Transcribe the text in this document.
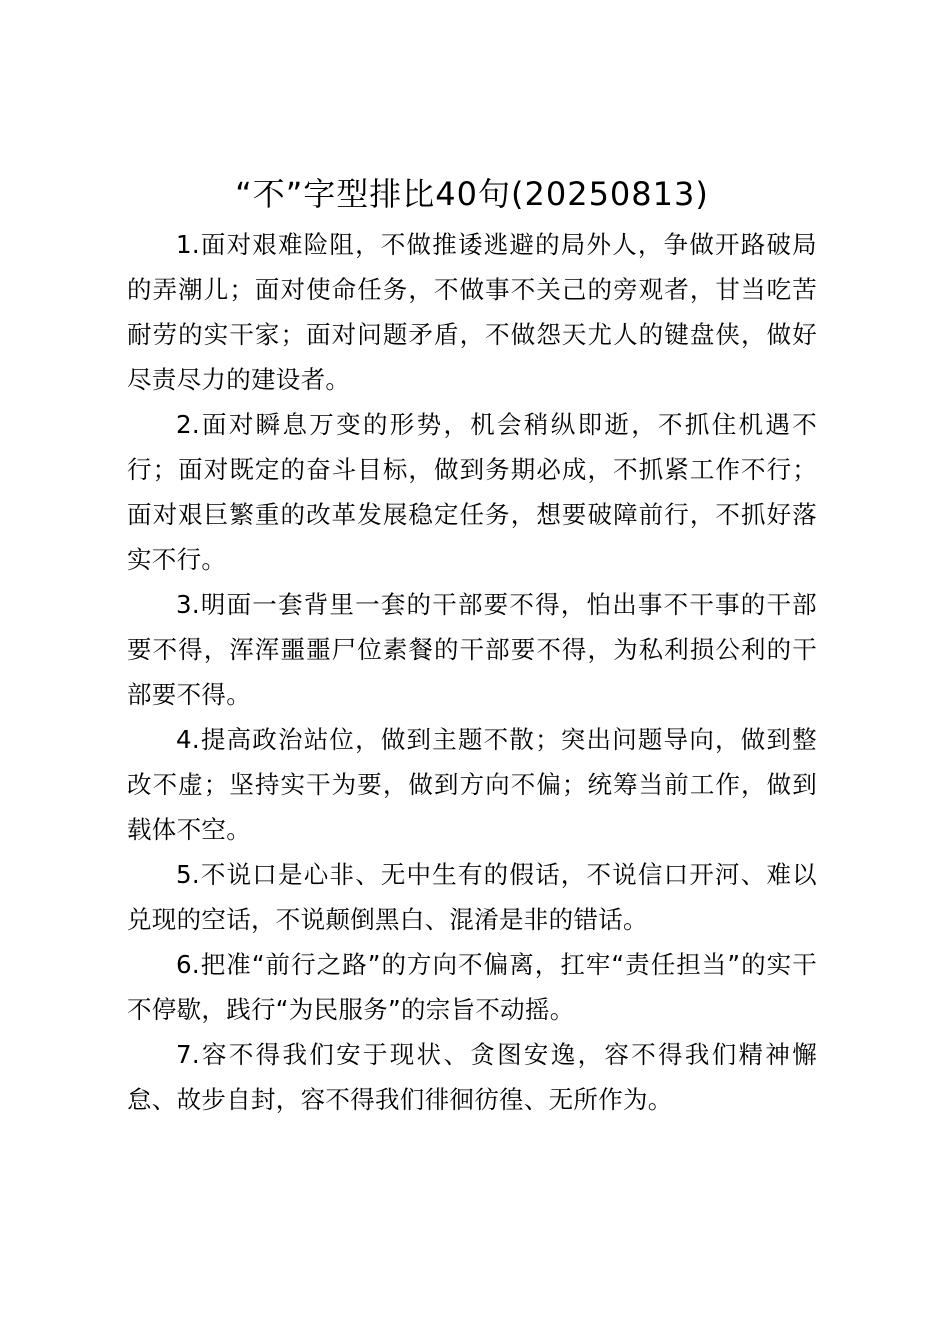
“不”字型排比40句(20250813)

1.面对艰难险阻，不做推诿逃避的局外人，争做开路破局的弄潮儿；面对使命任务，不做事不关己的旁观者，甘当吃苦耐劳的实干家；面对问题矛盾，不做怨天尤人的键盘侠，做好尽责尽力的建设者。

2.面对瞬息万变的形势，机会稍纵即逝，不抓住机遇不行；面对既定的奋斗目标，做到务期必成，不抓紧工作不行；面对艰巨繁重的改革发展稳定任务，想要破障前行，不抓好落实不行。

3.明面一套背里一套的干部要不得，怕出事不干事的干部要不得，浑浑噩噩尸位素餐的干部要不得，为私利损公利的干部要不得。

4.提高政治站位，做到主题不散；突出问题导向，做到整改不虚；坚持实干为要，做到方向不偏；统筹当前工作，做到载体不空。

5.不说口是心非、无中生有的假话，不说信口开河、难以兑现的空话，不说颠倒黑白、混淆是非的错话。

6.把准“前行之路”的方向不偏离，扛牢“责任担当”的实干不停歇，践行“为民服务”的宗旨不动摇。

7.容不得我们安于现状、贪图安逸，容不得我们精神懈怠、故步自封，容不得我们徘徊彷徨、无所作为。
